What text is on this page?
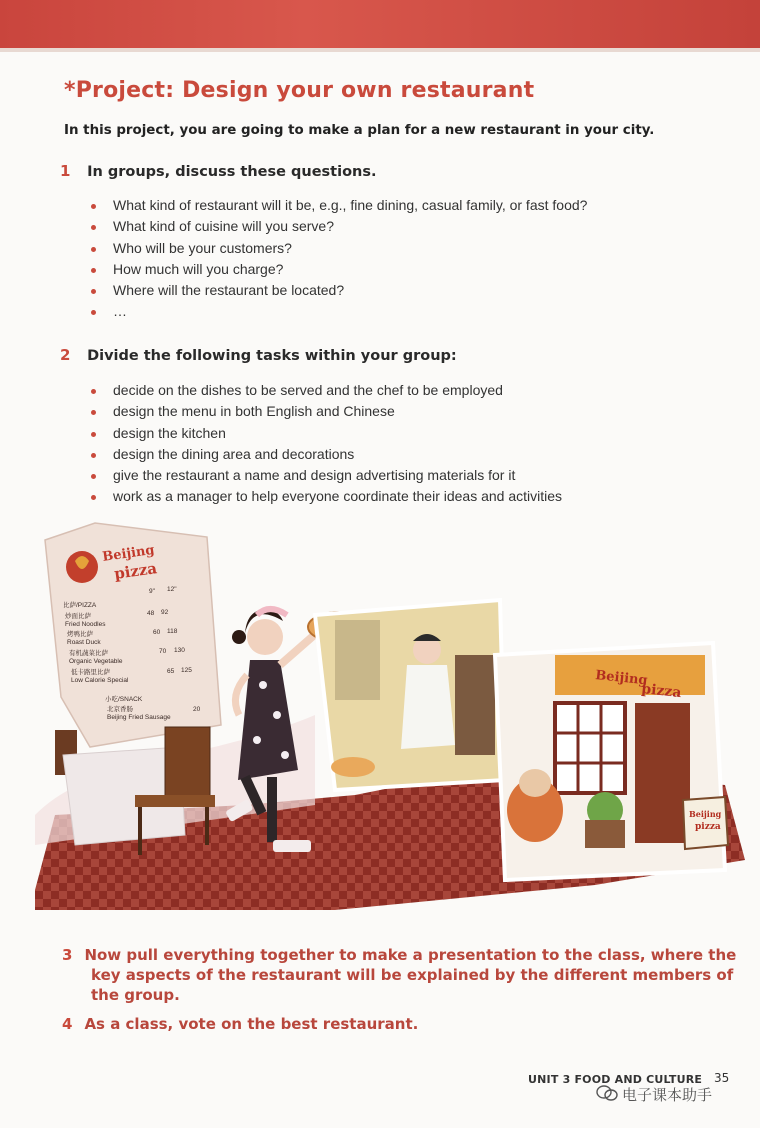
*Project: Design your own restaurant
In this project, you are going to make a plan for a new restaurant in your city.
1 In groups, discuss these questions.
What kind of restaurant will it be, e.g., fine dining, casual family, or fast food?
What kind of cuisine will you serve?
Who will be your customers?
How much will you charge?
Where will the restaurant be located?
…
2 Divide the following tasks within your group:
decide on the dishes to be served and the chef to be employed
design the menu in both English and Chinese
design the kitchen
design the dining area and decorations
give the restaurant a name and design advertising materials for it
work as a manager to help everyone coordinate their ideas and activities
Beijing
pizza
9" 12"
比萨/PIZZA
炒面比萨
Fried Noodles
48 92
烤鸭比萨
Roast Duck
60 118
有机蔬菜比萨
Organic Vegetable
70 130
低卡路里比萨
Low Calorie Special
65 125
小吃/SNACK
北京香肠
Beijing Fried Sausage
20
Beijing
pizza
Beijing
pizza
3 Now pull everything together to make a presentation to the class, where the
key aspects of the restaurant will be explained by the different members of
the group.
4 As a class, vote on the best restaurant.
UNIT 3 FOOD AND CULTURE 35
电子课本助手
